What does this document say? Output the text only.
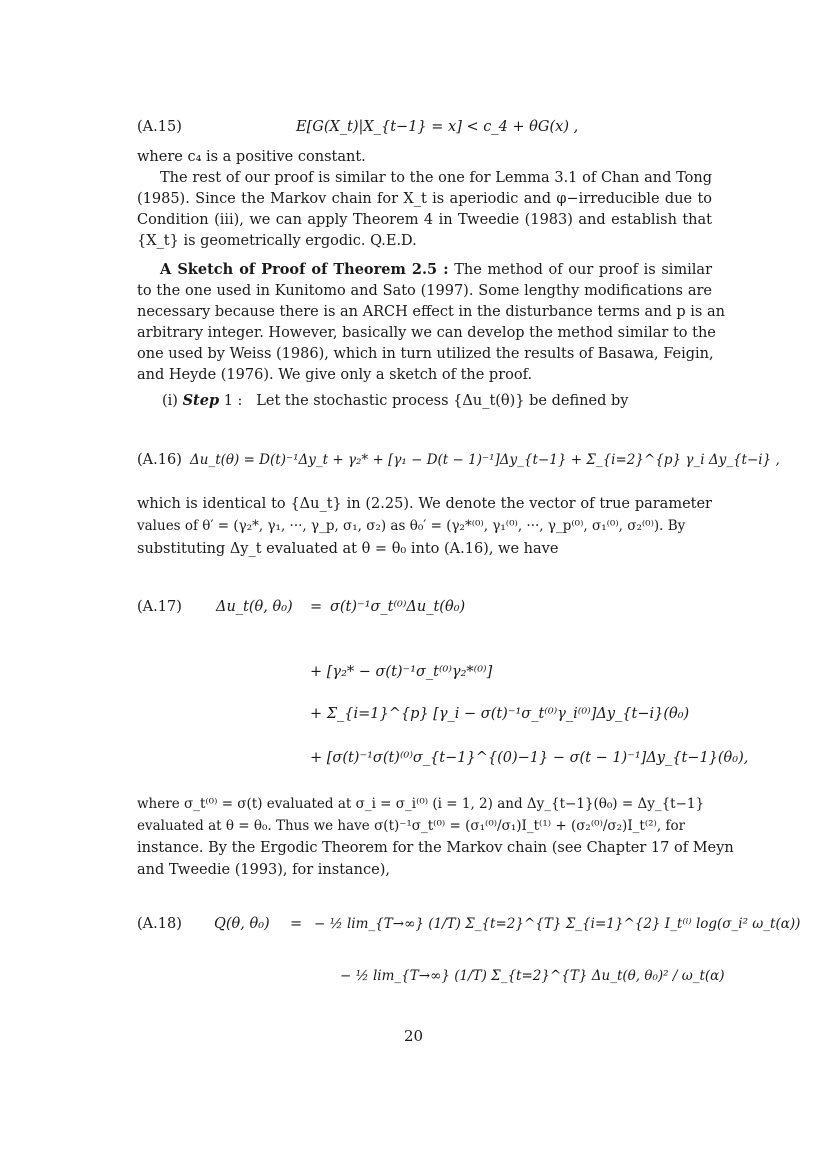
(A.15)	E[G(X_t)|X_{t−1} = x] < c_4 + θG(x) ,
where c₄ is a positive constant.
The rest of our proof is similar to the one for Lemma 3.1 of Chan and Tong
(1985). Since the Markov chain for X_t is aperiodic and φ−irreducible due to
Condition (iii), we can apply Theorem 4 in Tweedie (1983) and establish that
{X_t} is geometrically ergodic. Q.E.D.
A Sketch of Proof of Theorem 2.5 : The method of our proof is similar
to the one used in Kunitomo and Sato (1997). Some lengthy modifications are
necessary because there is an ARCH effect in the disturbance terms and p is an
arbitrary integer. However, basically we can develop the method similar to the
one used by Weiss (1986), which in turn utilized the results of Basawa, Feigin,
and Heyde (1976). We give only a sketch of the proof.
(i) Step 1 : Let the stochastic process {Δu_t(θ)} be defined by
(A.16) Δu_t(θ) = D(t)⁻¹Δy_t + γ₂* + [γ₁ − D(t − 1)⁻¹]Δy_{t−1} + Σ_{i=2}^{p} γ_i Δy_{t−i} ,
which is identical to {Δu_t} in (2.25). We denote the vector of true parameter
values of θ′ = (γ₂*, γ₁, ···, γ_p, σ₁, σ₂) as θ₀′ = (γ₂*⁽⁰⁾, γ₁⁽⁰⁾, ···, γ_p⁽⁰⁾, σ₁⁽⁰⁾, σ₂⁽⁰⁾). By
substituting Δy_t evaluated at θ = θ₀ into (A.16), we have
(A.17) Δu_t(θ, θ₀) = σ(t)⁻¹σ_t⁽⁰⁾Δu_t(θ₀)
+ [γ₂* − σ(t)⁻¹σ_t⁽⁰⁾γ₂*⁽⁰⁾]
+ Σ_{i=1}^{p} [γ_i − σ(t)⁻¹σ_t⁽⁰⁾γ_i⁽⁰⁾]Δy_{t−i}(θ₀)
+ [σ(t)⁻¹σ(t)⁽⁰⁾σ_{t−1}^{(0)−1} − σ(t − 1)⁻¹]Δy_{t−1}(θ₀),
where σ_t⁽⁰⁾ = σ(t) evaluated at σ_i = σ_i⁽⁰⁾ (i = 1, 2) and Δy_{t−1}(θ₀) = Δy_{t−1}
evaluated at θ = θ₀. Thus we have σ(t)⁻¹σ_t⁽⁰⁾ = (σ₁⁽⁰⁾/σ₁)I_t⁽¹⁾ + (σ₂⁽⁰⁾/σ₂)I_t⁽²⁾, for
instance. By the Ergodic Theorem for the Markov chain (see Chapter 17 of Meyn
and Tweedie (1993), for instance),
(A.18) Q(θ, θ₀) = − ½ lim_{T→∞} (1/T) Σ_{t=2}^{T} Σ_{i=1}^{2} I_t⁽ⁱ⁾ log(σ_i² ω_t(α))
− ½ lim_{T→∞} (1/T) Σ_{t=2}^{T} Δu_t(θ, θ₀)² / ω_t(α)
20
